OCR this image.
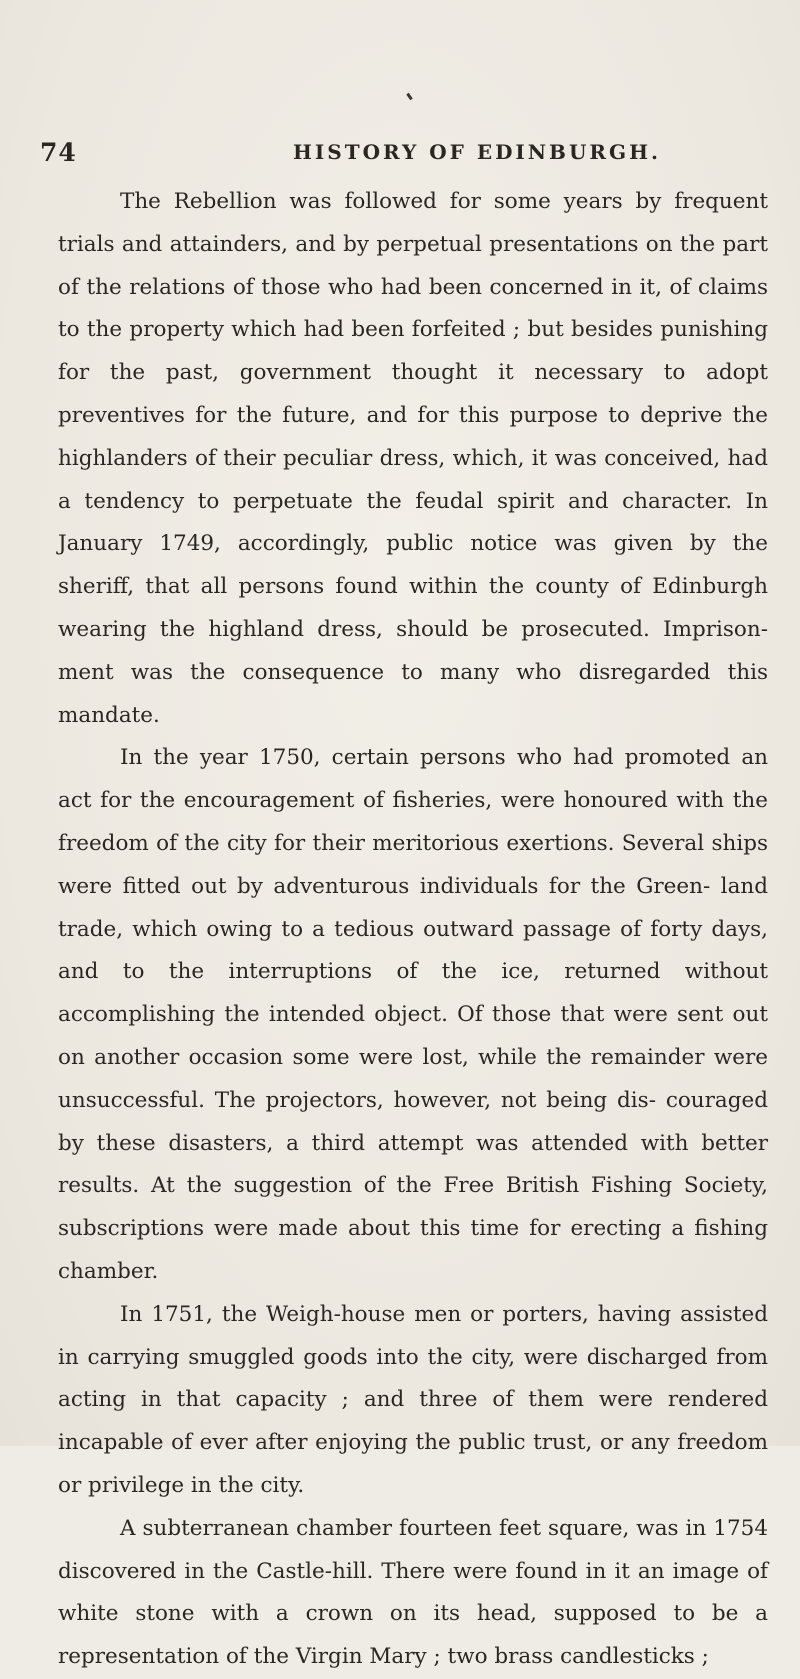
74	HISTORY OF EDINBURGH.

The Rebellion was followed for some years by frequent trials and attainders, and by perpetual presentations on the part of the relations of those who had been concerned in it, of claims to the property which had been forfeited ; but besides punishing for the past, government thought it necessary to adopt preventives for the future, and for this purpose to deprive the highlanders of their peculiar dress, which, it was conceived, had a tendency to perpetuate the feudal spirit and character. In January 1749, accordingly, public notice was given by the sheriff, that all persons found within the county of Edinburgh wearing the highland dress, should be prosecuted. Imprison- ment was the consequence to many who disregarded this mandate.

In the year 1750, certain persons who had promoted an act for the encouragement of fisheries, were honoured with the freedom of the city for their meritorious exertions. Several ships were fitted out by adventurous individuals for the Green- land trade, which owing to a tedious outward passage of forty days, and to the interruptions of the ice, returned without accomplishing the intended object. Of those that were sent out on another occasion some were lost, while the remainder were unsuccessful. The projectors, however, not being dis- couraged by these disasters, a third attempt was attended with better results. At the suggestion of the Free British Fishing Society, subscriptions were made about this time for erecting a fishing chamber.

In 1751, the Weigh-house men or porters, having assisted in carrying smuggled goods into the city, were discharged from acting in that capacity ; and three of them were rendered incapable of ever after enjoying the public trust, or any freedom or privilege in the city.

A subterranean chamber fourteen feet square, was in 1754 discovered in the Castle-hill. There were found in it an image of white stone with a crown on its head, supposed to be a representation of the Virgin Mary ; two brass candlesticks ;
